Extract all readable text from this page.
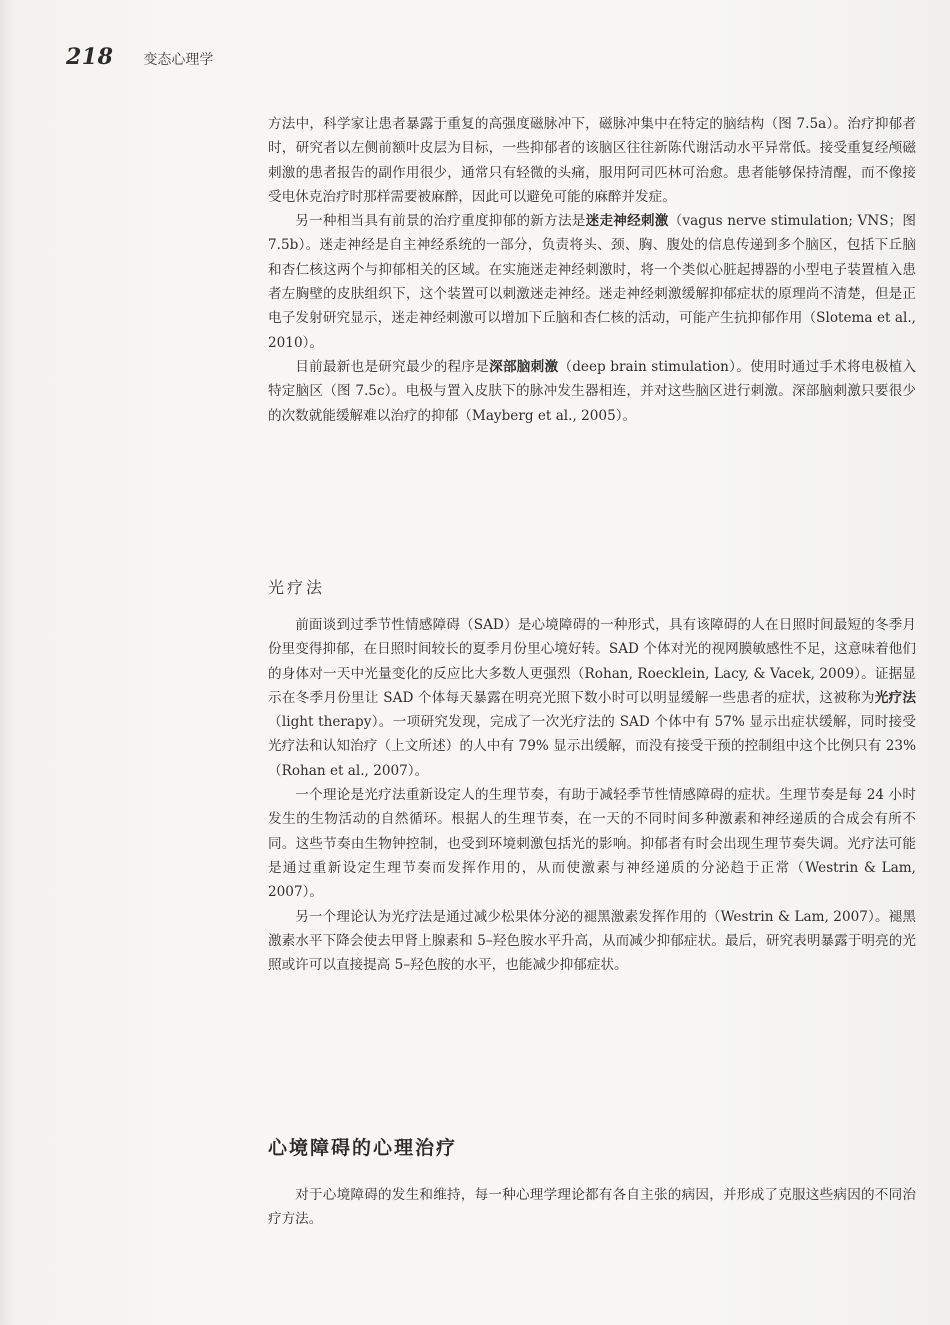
218 变态心理学

方法中，科学家让患者暴露于重复的高强度磁脉冲下，磁脉冲集中在特定的脑结构（图 7.5a）。治疗抑郁者时，研究者以左侧前额叶皮层为目标，一些抑郁者的该脑区往往新陈代谢活动水平异常低。接受重复经颅磁刺激的患者报告的副作用很少，通常只有轻微的头痛，服用阿司匹林可治愈。患者能够保持清醒，而不像接受电休克治疗时那样需要被麻醉，因此可以避免可能的麻醉并发症。

另一种相当具有前景的治疗重度抑郁的新方法是迷走神经刺激（vagus nerve stimulation; VNS；图 7.5b）。迷走神经是自主神经系统的一部分，负责将头、颈、胸、腹处的信息传递到多个脑区，包括下丘脑和杏仁核这两个与抑郁相关的区域。在实施迷走神经刺激时，将一个类似心脏起搏器的小型电子装置植入患者左胸壁的皮肤组织下，这个装置可以刺激迷走神经。迷走神经刺激缓解抑郁症状的原理尚不清楚，但是正电子发射研究显示，迷走神经刺激可以增加下丘脑和杏仁核的活动，可能产生抗抑郁作用（Slotema et al., 2010）。

目前最新也是研究最少的程序是深部脑刺激（deep brain stimulation）。使用时通过手术将电极植入特定脑区（图 7.5c）。电极与置入皮肤下的脉冲发生器相连，并对这些脑区进行刺激。深部脑刺激只要很少的次数就能缓解难以治疗的抑郁（Mayberg et al., 2005）。

光疗法

前面谈到过季节性情感障碍（SAD）是心境障碍的一种形式，具有该障碍的人在日照时间最短的冬季月份里变得抑郁，在日照时间较长的夏季月份里心境好转。SAD 个体对光的视网膜敏感性不足，这意味着他们的身体对一天中光量变化的反应比大多数人更强烈（Rohan, Roecklein, Lacy, & Vacek, 2009）。证据显示在冬季月份里让 SAD 个体每天暴露在明亮光照下数小时可以明显缓解一些患者的症状，这被称为光疗法（light therapy）。一项研究发现，完成了一次光疗法的 SAD 个体中有 57% 显示出症状缓解，同时接受光疗法和认知治疗（上文所述）的人中有 79% 显示出缓解，而没有接受干预的控制组中这个比例只有 23%（Rohan et al., 2007）。

一个理论是光疗法重新设定人的生理节奏，有助于减轻季节性情感障碍的症状。生理节奏是每 24 小时发生的生物活动的自然循环。根据人的生理节奏，在一天的不同时间多种激素和神经递质的合成会有所不同。这些节奏由生物钟控制，也受到环境刺激包括光的影响。抑郁者有时会出现生理节奏失调。光疗法可能是通过重新设定生理节奏而发挥作用的，从而使激素与神经递质的分泌趋于正常（Westrin & Lam, 2007）。

另一个理论认为光疗法是通过减少松果体分泌的褪黑激素发挥作用的（Westrin & Lam, 2007）。褪黑激素水平下降会使去甲肾上腺素和 5–羟色胺水平升高，从而减少抑郁症状。最后，研究表明暴露于明亮的光照或许可以直接提高 5–羟色胺的水平，也能减少抑郁症状。

心境障碍的心理治疗

对于心境障碍的发生和维持，每一种心理学理论都有各自主张的病因，并形成了克服这些病因的不同治疗方法。
